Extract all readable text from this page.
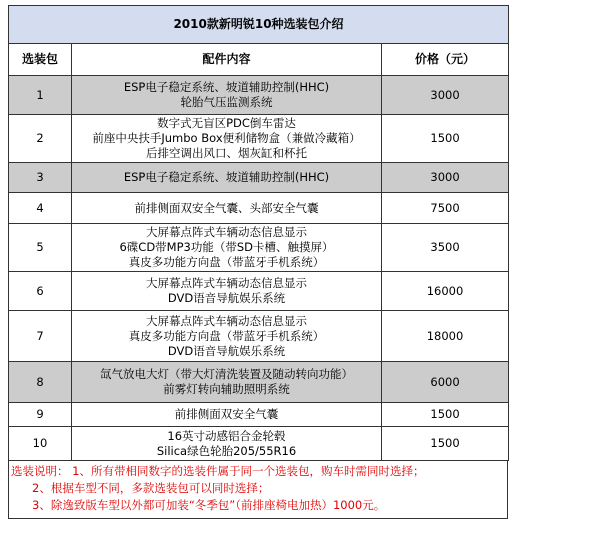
2010款新明锐10种选装包介绍		
选装包	配件内容	价格（元）
1	ESP电子稳定系统、坡道辅助控制(HHC)
轮胎气压监测系统	3000
2	数字式无盲区PDC倒车雷达
前座中央扶手Jumbo Box便利储物盒（兼做冷藏箱）
后排空调出风口、烟灰缸和杯托	1500
3	ESP电子稳定系统、坡道辅助控制(HHC)	3000
4	前排侧面双安全气囊、头部安全气囊	7500
5	大屏幕点阵式车辆动态信息显示
6碟CD带MP3功能（带SD卡槽、触摸屏）
真皮多功能方向盘（带蓝牙手机系统）	3500
6	大屏幕点阵式车辆动态信息显示
DVD语音导航娱乐系统	16000
7	大屏幕点阵式车辆动态信息显示
真皮多功能方向盘（带蓝牙手机系统）
DVD语音导航娱乐系统	18000
8	氙气放电大灯（带大灯清洗装置及随动转向功能）
前雾灯转向辅助照明系统	6000
9	前排侧面双安全气囊	1500
10	16英寸动感铝合金轮毂
Silica绿色轮胎205/55R16	1500
选装说明： 1、所有带相同数字的选装件属于同一个选装包，购车时需同时选择；
2、根据车型不同，多款选装包可以同时选择；
3、除逸致版车型以外都可加装“冬季包”（前排座椅电加热）1000元。
